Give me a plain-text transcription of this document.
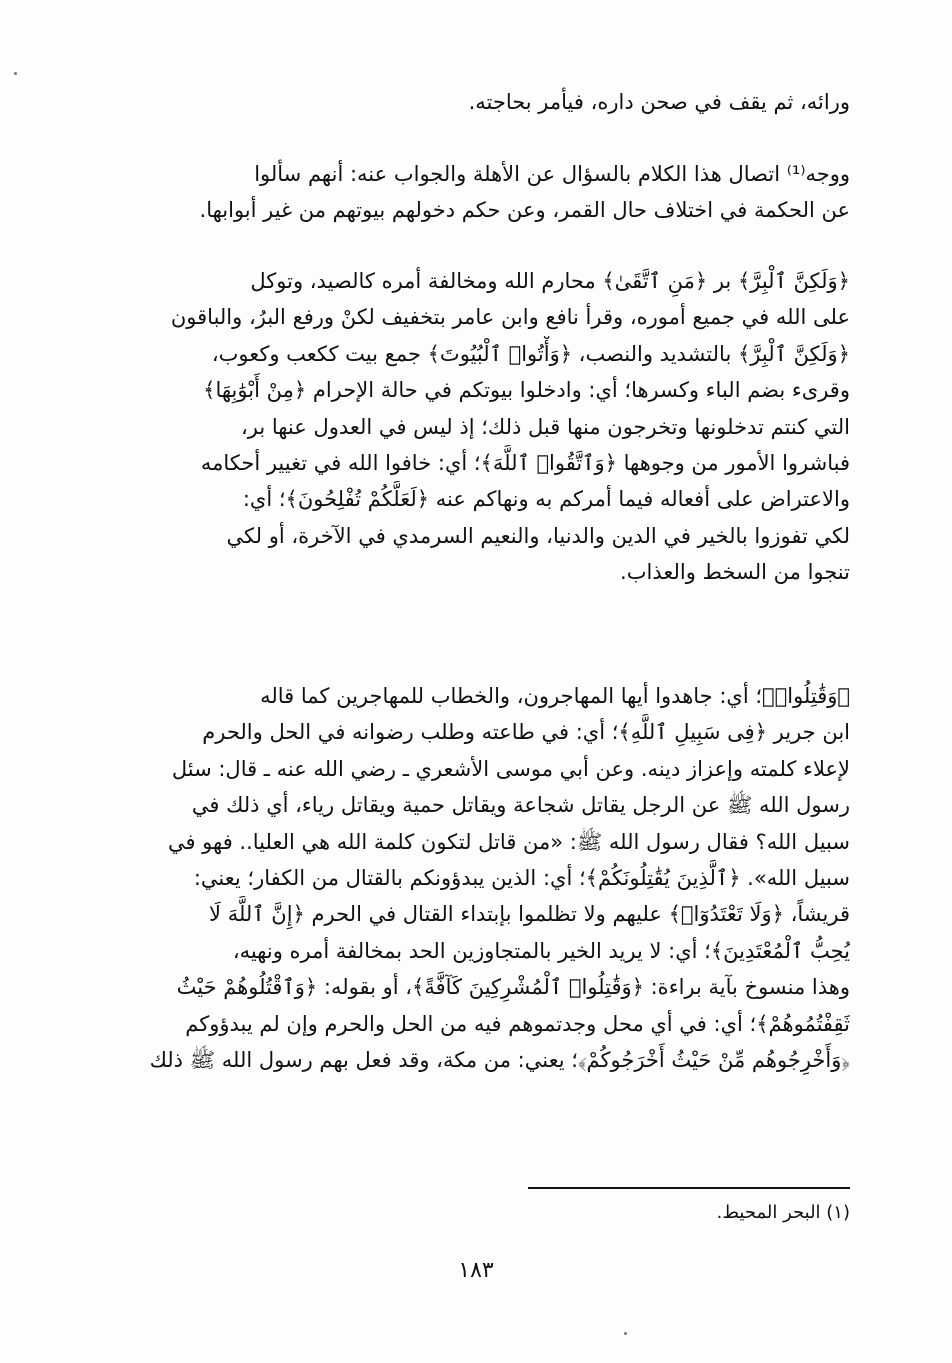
ورائه، ثم يقف في صحن داره، فيأمر بحاجته.
ووجه⁽¹⁾ اتصال هذا الكلام بالسؤال عن الأهلة والجواب عنه: أنهم سألوا
عن الحكمة في اختلاف حال القمر، وعن حكم دخولهم بيوتهم من غير أبوابها.
﴿وَلَكِنَّ ٱلْبِرَّ﴾ بر ﴿مَنِ ٱتَّقَىٰ﴾ محارم الله ومخالفة أمره كالصيد، وتوكل
على الله في جميع أموره، وقرأ نافع وابن عامر بتخفيف لكنْ ورفع البرُ، والباقون
﴿وَلَكِنَّ ٱلْبِرَّ﴾ بالتشديد والنصب، ﴿وَأْتُوا۟ ٱلْبُيُوتَ﴾ جمع بيت ككعب وكعوب،
وقرىء بضم الباء وكسرها؛ أي: وادخلوا بيوتكم في حالة الإحرام ﴿مِنْ أَبْوَٰبِهَا﴾
التي كنتم تدخلونها وتخرجون منها قبل ذلك؛ إذ ليس في العدول عنها بر،
فباشروا الأمور من وجوهها ﴿وَٱتَّقُوا۟ ٱللَّهَ﴾؛ أي: خافوا الله في تغيير أحكامه
والاعتراض على أفعاله فيما أمركم به ونهاكم عنه ﴿لَعَلَّكُمْ تُفْلِحُونَ﴾؛ أي:
لكي تفوزوا بالخير في الدين والدنيا، والنعيم السرمدي في الآخرة، أو لكي
تنجوا من السخط والعذاب.
﴿وَقَٰتِلُوا۟﴾؛ أي: جاهدوا أيها المهاجرون، والخطاب للمهاجرين كما قاله
ابن جرير ﴿فِى سَبِيلِ ٱللَّهِ﴾؛ أي: في طاعته وطلب رضوانه في الحل والحرم
لإعلاء كلمته وإعزاز دينه. وعن أبي موسى الأشعري ـ رضي الله عنه ـ قال: سئل
رسول الله ﷺ عن الرجل يقاتل شجاعة ويقاتل حمية ويقاتل رياء، أي ذلك في
سبيل الله؟ فقال رسول الله ﷺ: «من قاتل لتكون كلمة الله هي العليا.. فهو في
سبيل الله». ﴿ٱلَّذِينَ يُقَٰتِلُونَكُمْ﴾؛ أي: الذين يبدؤونكم بالقتال من الكفار؛ يعني:
قريشاً، ﴿وَلَا تَعْتَدُوٓا۟﴾ عليهم ولا تظلموا بإبتداء القتال في الحرم ﴿إِنَّ ٱللَّهَ لَا
يُحِبُّ ٱلْمُعْتَدِينَ﴾؛ أي: لا يريد الخير بالمتجاوزين الحد بمخالفة أمره ونهيه،
وهذا منسوخ بآية براءة: ﴿وَقَٰتِلُوا۟ ٱلْمُشْرِكِينَ كَآفَّةً﴾، أو بقوله: ﴿وَٱقْتُلُوهُمْ حَيْثُ
ثَقِفْتُمُوهُمْ﴾؛ أي: في أي محل وجدتموهم فيه من الحل والحرم وإن لم يبدؤوكم
﴿وَأَخْرِجُوهُم مِّنْ حَيْثُ أَخْرَجُوكُمْ﴾؛ يعني: من مكة، وقد فعل بهم رسول الله ﷺ ذلك
(١) البحر المحيط.
١٨٣
